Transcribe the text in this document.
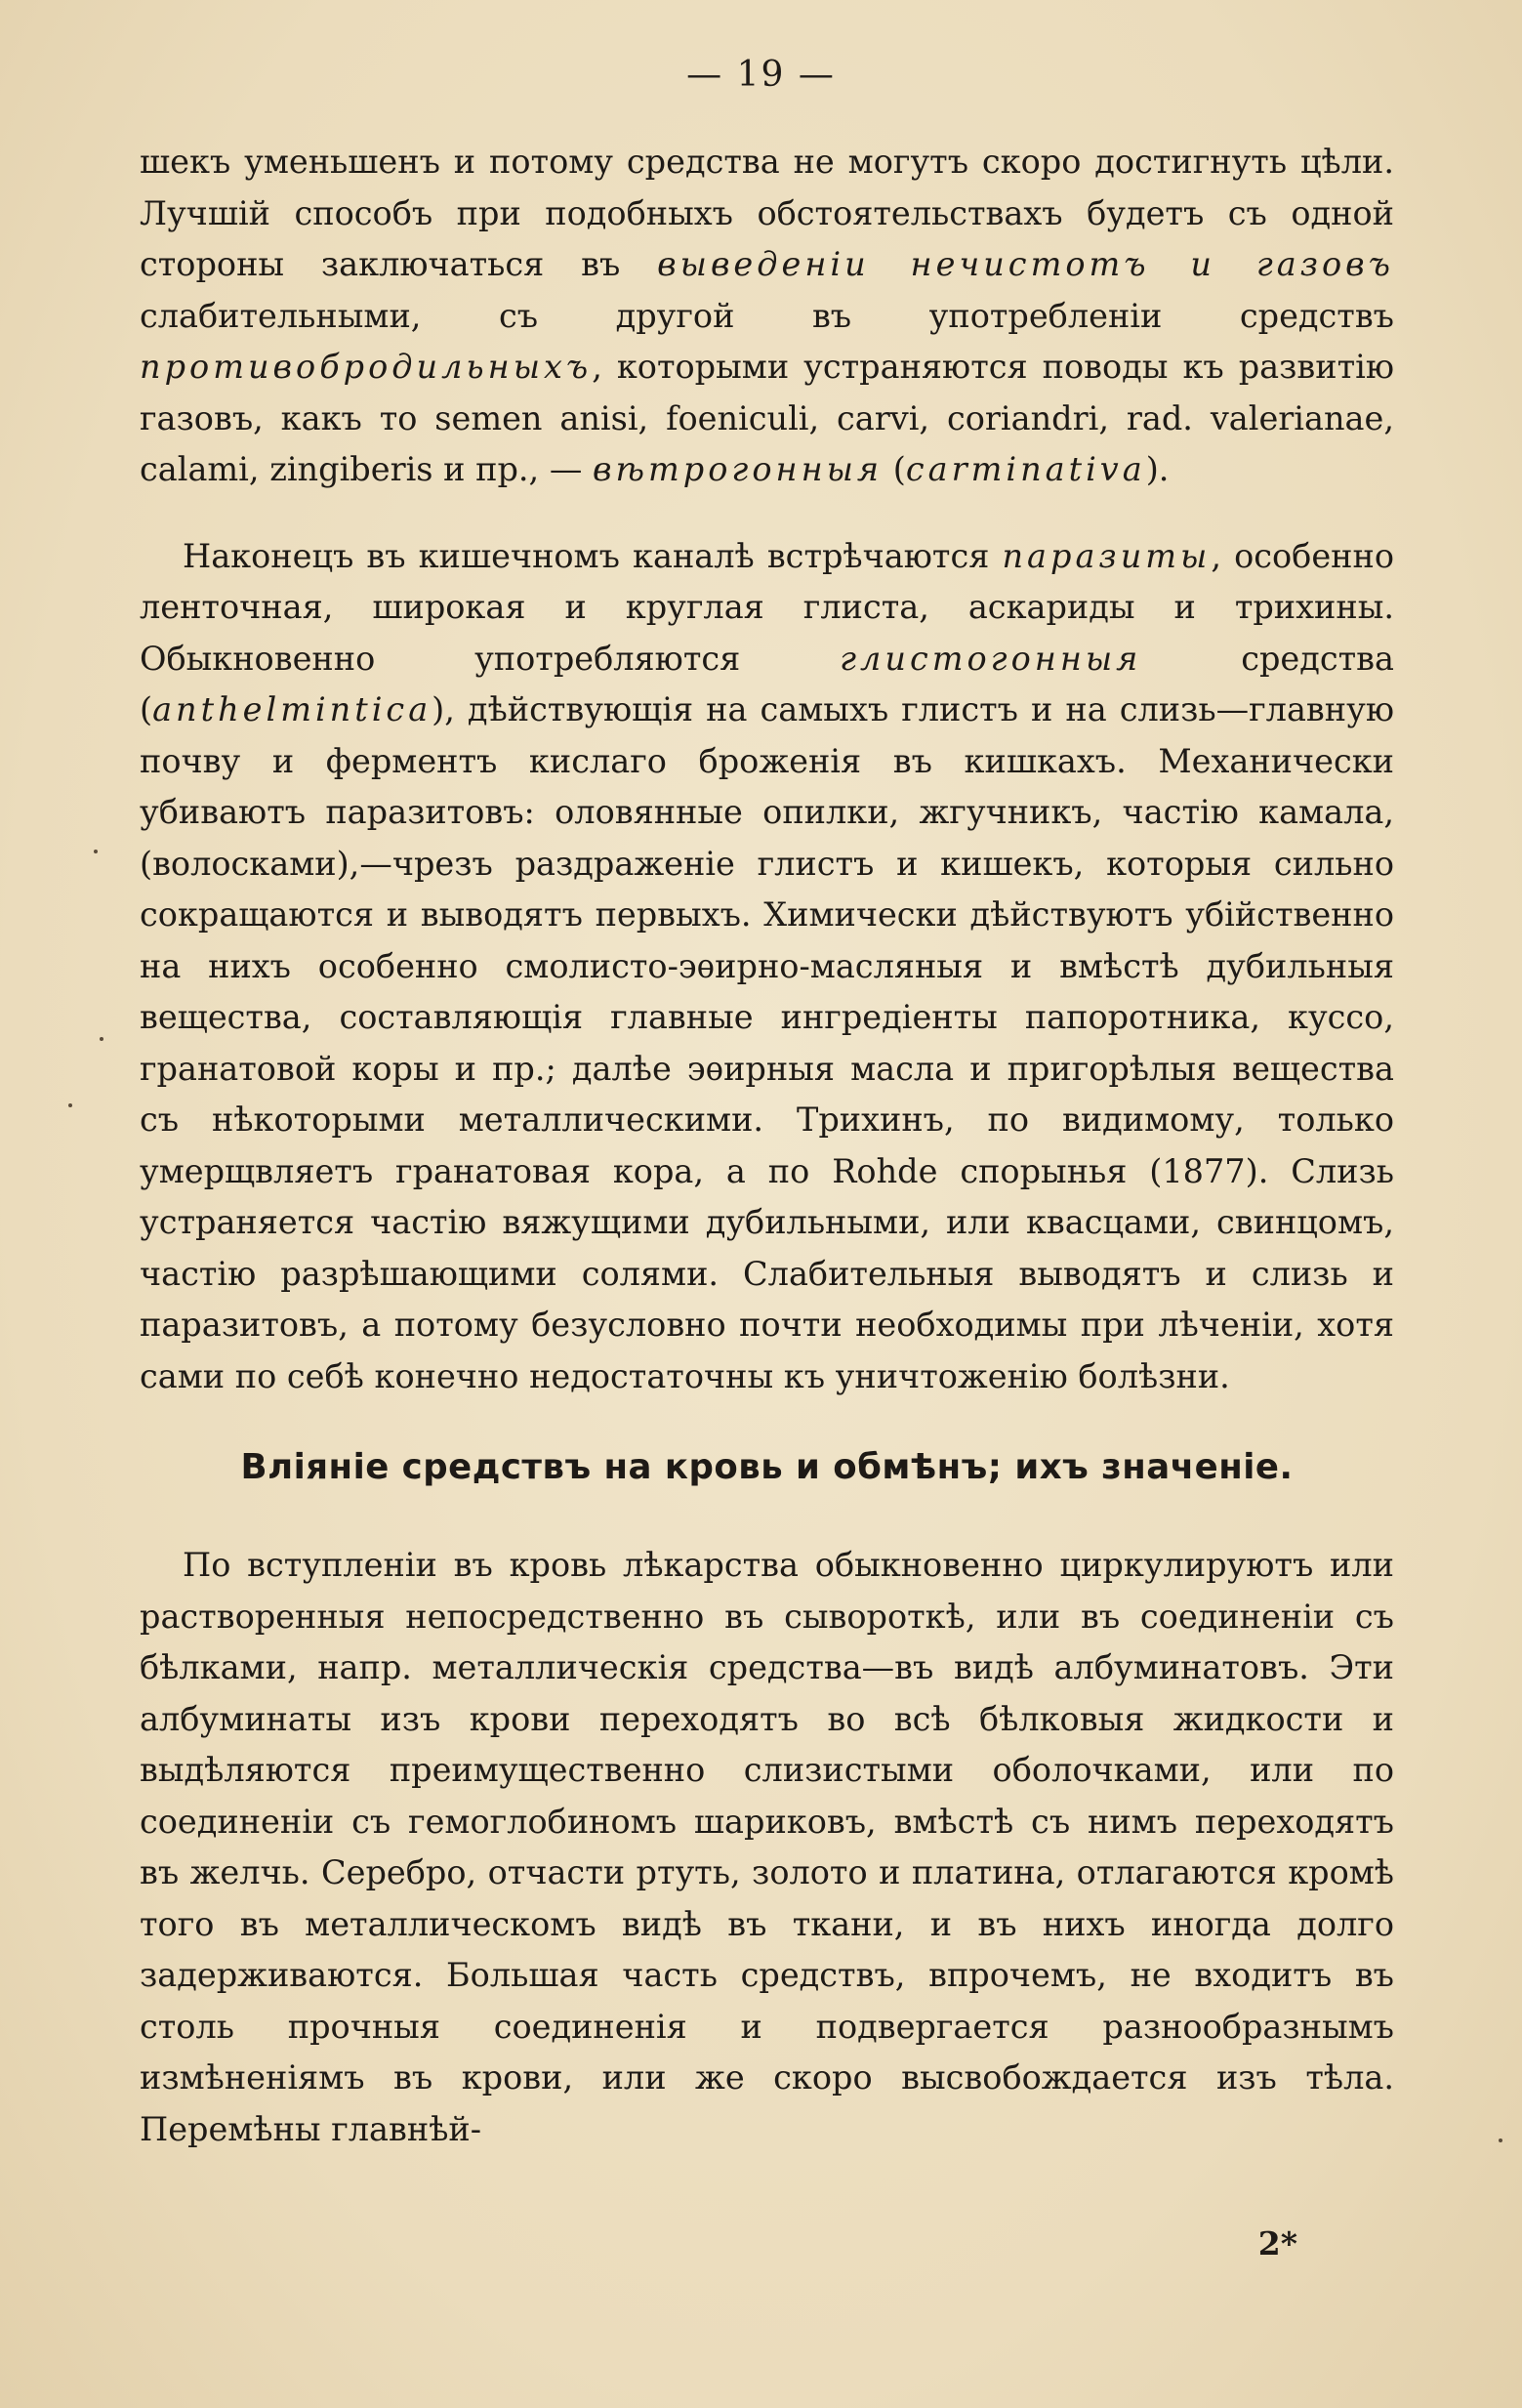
— 19 —

шекъ уменьшенъ и потому средства не могутъ скоро достигнуть цѣли. Лучшій способъ при подобныхъ обстоятельствахъ будетъ съ одной стороны заключаться въ выведеніи нечистотъ и газовъ слабительными, съ другой въ употребленіи средствъ противобродильныхъ, которыми устраняются поводы къ развитію газовъ, какъ то semen anisi, foeniculi, carvi, coriandri, rad. valerianae, calami, zingiberis и пр., — вѣтрогонныя (carminativa).

Наконецъ въ кишечномъ каналѣ встрѣчаются паразиты, особенно ленточная, широкая и круглая глиста, аскариды и трихины. Обыкновенно употребляются глистогонныя средства (anthelmintica), дѣйствующія на самыхъ глистъ и на слизь—главную почву и ферментъ кислаго броженія въ кишкахъ. Механически убиваютъ паразитовъ: оловянные опилки, жгучникъ, частію камала, (волосками),—чрезъ раздраженіе глистъ и кишекъ, которыя сильно сокращаются и выводятъ первыхъ. Химически дѣйствуютъ убійственно на нихъ особенно смолисто-эѳирно-масляныя и вмѣстѣ дубильныя вещества, составляющія главные ингредіенты папоротника, куссо, гранатовой коры и пр.; далѣе эѳирныя масла и пригорѣлыя вещества съ нѣкоторыми металлическими. Трихинъ, по видимому, только умерщвляетъ гранатовая кора, а по Rohde спорынья (1877). Слизь устраняется частію вяжущими дубильными, или квасцами, свинцомъ, частію разрѣшающими солями. Слабительныя выводятъ и слизь и паразитовъ, а потому безусловно почти необходимы при лѣченіи, хотя сами по себѣ конечно недостаточны къ уничтоженію болѣзни.

Вліяніе средствъ на кровь и обмѣнъ; ихъ значеніе.

По вступленіи въ кровь лѣкарства обыкновенно циркулируютъ или растворенныя непосредственно въ сывороткѣ, или въ соединеніи съ бѣлками, напр. металлическія средства—въ видѣ албуминатовъ. Эти албуминаты изъ крови переходятъ во всѣ бѣлковыя жидкости и выдѣляются преимущественно слизистыми оболочками, или по соединеніи съ гемоглобиномъ шариковъ, вмѣстѣ съ нимъ переходятъ въ желчь. Серебро, отчасти ртуть, золото и платина, отлагаются кромѣ того въ металлическомъ видѣ въ ткани, и въ нихъ иногда долго задерживаются. Большая часть средствъ, впрочемъ, не входитъ въ столь прочныя соединенія и подвергается разнообразнымъ измѣненіямъ въ крови, или же скоро высвобождается изъ тѣла. Перемѣны главнѣй-

2*
